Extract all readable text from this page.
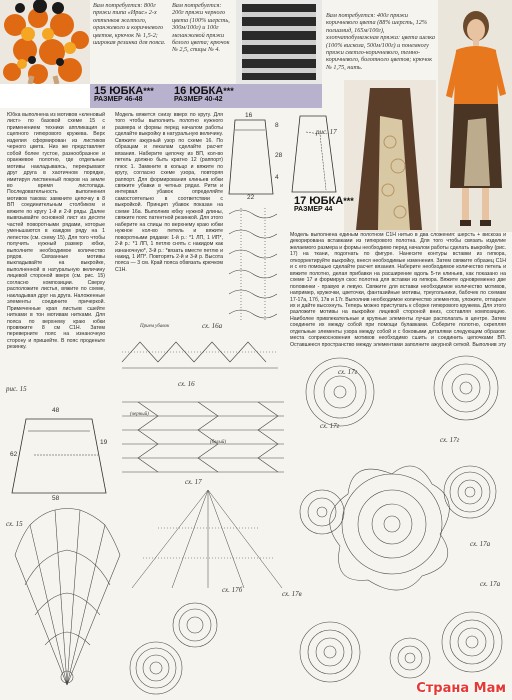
Вам потребуется: 800г пряжи типа «Ирис» 2-х оттенков желтого, оранжевого и коричневого цветов, крючок № 1,5-2; широкая резинка для пояса.
Вам потребуется: 200г пряжи черного цвета (100% шерсть, 300м/100г) и 100г меланжевой пряжи белого цвета; крючок № 2,5, спицы № 4.
Вам потребуется: 400г пряжи коричневого цвета (88% шерсть, 12% полиамид, 165м/100г), хлопчатобумажная пряжа: цвета шелка (100% вискоза, 500м/100г) и понемногу пряжи светло-коричневого, темно-коричневого, болотного цветов; крючок № 1,75, нить.
15 ЮБКА***
РАЗМЕР 46-48
16 ЮБКА***
РАЗМЕР 40-42
Юбка выполнена из мотивов «кленовый лист» по базовой схеме 15 с применением техники аппликация и сцепного гипюрового кружева. Верх изделия сформирован из листиков черного цвета. Низ же представляет собой более густое, разнообразное и оранжевое полотно, где отдельные мотивы накладываясь, перекрывают друг друга в хаотичном порядке, имитируя лиственный покров на земле во время листопада. Последовательность выполнения мотивов такова: замкните цепочку в 8 ВП соединительным столбиком и вяжите по кругу 1-й и 2-й ряды. Далее вывязывайте основной лист из десяти частей поворотными рядами, которые уменьшаются в каждом ряду на 1 лепесток (см. схему 15). Для того чтобы получить нужный размер юбки, выполните необходимое количество рядов. Связанные мотивы выкладывайте на выкройке, выполненной в натуральную величину лицевой стороной вверх (см. рис. 15) согласно композиции. Сверху расположите листья, вяжите по схеме, накладывая друг на друга. Наложенные элементы соедините причеркой. Примеченные края листьев сшейте нитками в тон мотивам нитками. Для пояса по верхнему краю юбки провяжите 8 см С1Н. Затем переверните пояс на изнаночную сторону и пришейте. В пояс проденьте резинку.
Модель вяжется снизу вверх по кругу. Для того чтобы выполнить полотно нужного размера и формы перед началом работы сделайте выкройку в натуральную величину. Свяжите ажурный узор по схеме 16. По образцам и лекалам сделайте расчет вязания. Наберите цепочку из ВП, кол-во петель должно быть кратно 12 (раппорт) плюс 1. Замкните в кольцо и вяжите по кругу, согласно схеме узора, повторяя раппорт. Для формирования клиньев юбки свяжите убавки в четных рядах. Ритм и интервал убавок определяйте самостоятельно в соответствии с выкройкой. Принцип убавок показан на схеме 16а. Выполнив юбку нужной длины, свяжите пояс патентной резинкой. Для этого наберите на спицы по верхнему краю юбки нужное кол-во петель и вяжите поворотными рядами: 1-й р.: *1 ЛП, 1 ИП*, 2-й р.: *1 ЛП, 1 петлю снять с накидом как изнаночную*, 3-й р.: *вязать вместе петлю и накид, 1 ИП*. Повторять 2-й и 3-й р. Высота пояса — 3 см. Край пояса обвязать крючком С1Н.
16
8
28
4
22
рис. 17
17 ЮБКА***
РАЗМЕР 44
Модель выполнена единым полотном С1Н нитью в два сложения: шерсть + вискоза и декорирована вставками из гипюрового полотна. Для того чтобы связать изделие желаемого размера и формы необходимо перед началом работы сделать выкройку (рис. 17) на ткани, подогнать по фигуре. Нанесите контуры вставки из гипюра, откорректируйте выкройку, внеся необходимые изменения. Затем свяжите образец С1Н и с его помощью сделайте расчет вязания. Наберите необходимое количество петель и вяжите полотно, делая прибавки на расширение вдоль 5-ти клиньев, как показано на схеме 17 и формируя скос полотна для вставки из гипюра. Вяжите одновременно две половинки - правую и левую. Свяжите для вставки необходимое количество мотивов, например, кружочки, цветочки, фантазийные мотивы, треугольники, бабочек по схемам 17-17а, 17б, 17в и 17г. Выполнив необходимое количество элементов, уложите, отпарьте их и дайте высохнуть. Теперь можно приступать к сборке гипюрового кружева. Для этого разложите мотивы на выкройке лицевой стороной вниз, составляя композицию. Наиболее привлекательные и крупные элементы лучше располагать в центре. Затем соедините их между собой при помощи булавками. Соберите полотно, скрепляя отдельные элементы узора между собой и с боковыми деталями следующим образом: места соприкосновения мотивов необходимо сшить и соединить цепочками ВП. Оставшееся пространство между элементами заполните ажурной сеткой. Выполнив эту
сх. 16а
Прием убавок
рис. 15
48
62
19
58
сх. 16
(черный)
(белый)
сх. 17
сх. 15
сх. 17б	сх. 17в
сх. 17г
сх. 17г
сх. 17г
сх. 17а
сх. 17а
Страна Мам
